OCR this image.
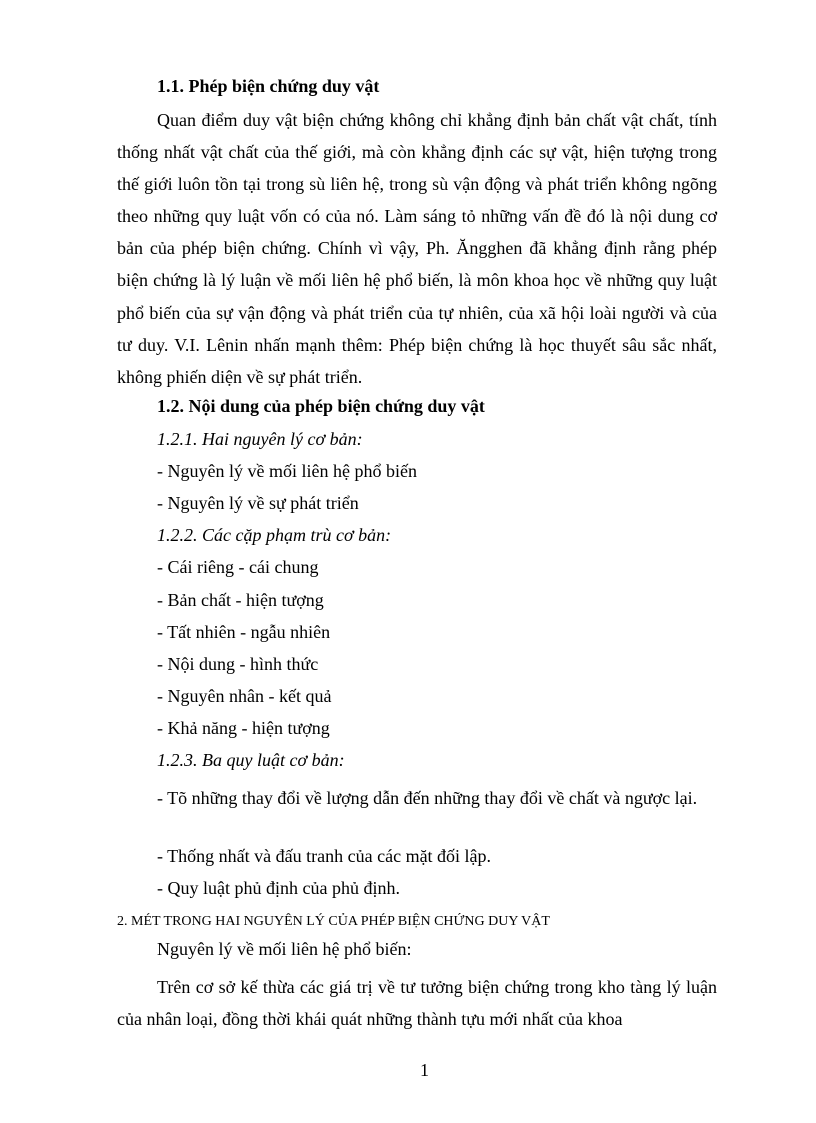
1.1. Phép biện chứng duy vật

Quan điểm duy vật biện chứng không chỉ khẳng định bản chất vật chất, tính thống nhất vật chất của thế giới, mà còn khẳng định các sự vật, hiện tượng trong thế giới luôn tồn tại trong sù liên hệ, trong sù vận động và phát triển không ngõng theo những quy luật vốn có của nó. Làm sáng tỏ những vấn đề đó là nội dung cơ bản của phép biện chứng. Chính vì vậy, Ph. Ăngghen đã khẳng định rằng phép biện chứng là lý luận về mối liên hệ phổ biến, là môn khoa học về những quy luật phổ biến của sự vận động và phát triển của tự nhiên, của xã hội loài người và của tư duy. V.I. Lênin nhấn mạnh thêm: Phép biện chứng là học thuyết sâu sắc nhất, không phiến diện về sự phát triển.

1.2. Nội dung của phép biện chứng duy vật
1.2.1. Hai nguyên lý cơ bản:
- Nguyên lý về mối liên hệ phổ biến
- Nguyên lý về sự phát triển
1.2.2. Các cặp phạm trù cơ bản:
- Cái riêng - cái chung
- Bản chất - hiện tượng
- Tất nhiên - ngẫu nhiên
- Nội dung - hình thức
- Nguyên nhân - kết quả
- Khả năng - hiện tượng
1.2.3. Ba quy luật cơ bản:

- Tõ những thay đổi về lượng dẫn đến những thay đổi về chất và ngược lại.

- Thống nhất và đấu tranh của các mặt đối lập.
- Quy luật phủ định của phủ định.
2. MÉT TRONG HAI NGUYÊN LÝ CỦA PHÉP BIỆN CHỨNG DUY VẬT
Nguyên lý về mối liên hệ phổ biến:

Trên cơ sở kế thừa các giá trị về tư tưởng biện chứng trong kho tàng lý luận của nhân loại, đồng thời khái quát những thành tựu mới nhất của khoa

1
